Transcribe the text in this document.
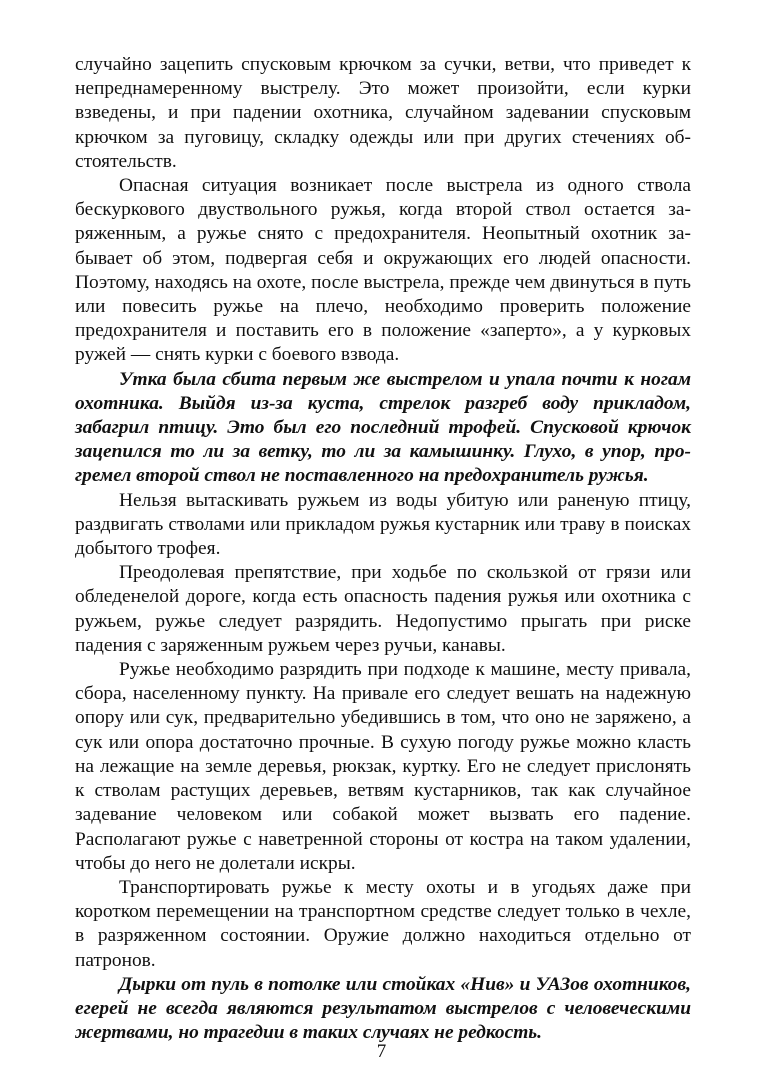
случайно зацепить спусковым крючком за сучки, ветви, что приведет к непреднамеренному выстрелу. Это может произойти, если курки взведены, и при падении охотника, случайном задевании спусковым крючком за пуговицу, складку одежды или при других стечениях обстоятельств.

Опасная ситуация возникает после выстрела из одного ствола бескуркового двуствольного ружья, когда второй ствол остается заряженным, а ружье снято с предохранителя. Неопытный охотник забывает об этом, подвергая себя и окружающих его людей опасности. Поэтому, находясь на охоте, после выстрела, прежде чем двинуться в путь или повесить ружье на плечо, необходимо проверить положение предохранителя и поставить его в положение «заперто», а у курковых ружей — снять курки с боевого взвода.

Утка была сбита первым же выстрелом и упала почти к ногам охотника. Выйдя из-за куста, стрелок разгреб воду прикладом, забагрил птицу. Это был его последний трофей. Спусковой крючок зацепился то ли за ветку, то ли за камышинку. Глухо, в упор, прогремел второй ствол не поставленного на предохранитель ружья.

Нельзя вытаскивать ружьем из воды убитую или раненую птицу, раздвигать стволами или прикладом ружья кустарник или траву в поисках добытого трофея.

Преодолевая препятствие, при ходьбе по скользкой от грязи или обледенелой дороге, когда есть опасность падения ружья или охотника с ружьем, ружье следует разрядить. Недопустимо прыгать при риске падения с заряженным ружьем через ручьи, канавы.

Ружье необходимо разрядить при подходе к машине, месту привала, сбора, населенному пункту. На привале его следует вешать на надежную опору или сук, предварительно убедившись в том, что оно не заряжено, а сук или опора достаточно прочные. В сухую погоду ружье можно класть на лежащие на земле деревья, рюкзак, куртку. Его не следует прислонять к стволам растущих деревьев, ветвям кустарников, так как случайное задевание человеком или собакой может вызвать его падение. Располагают ружье с наветренной стороны от костра на таком удалении, чтобы до него не долетали искры.

Транспортировать ружье к месту охоты и в угодьях даже при коротком перемещении на транспортном средстве следует только в чехле, в разряженном состоянии. Оружие должно находиться отдельно от патронов.

Дырки от пуль в потолке или стойках «Нив» и УАЗов охотников, егерей не всегда являются результатом выстрелов с человеческими жертвами, но трагедии в таких случаях не редкость.

7
